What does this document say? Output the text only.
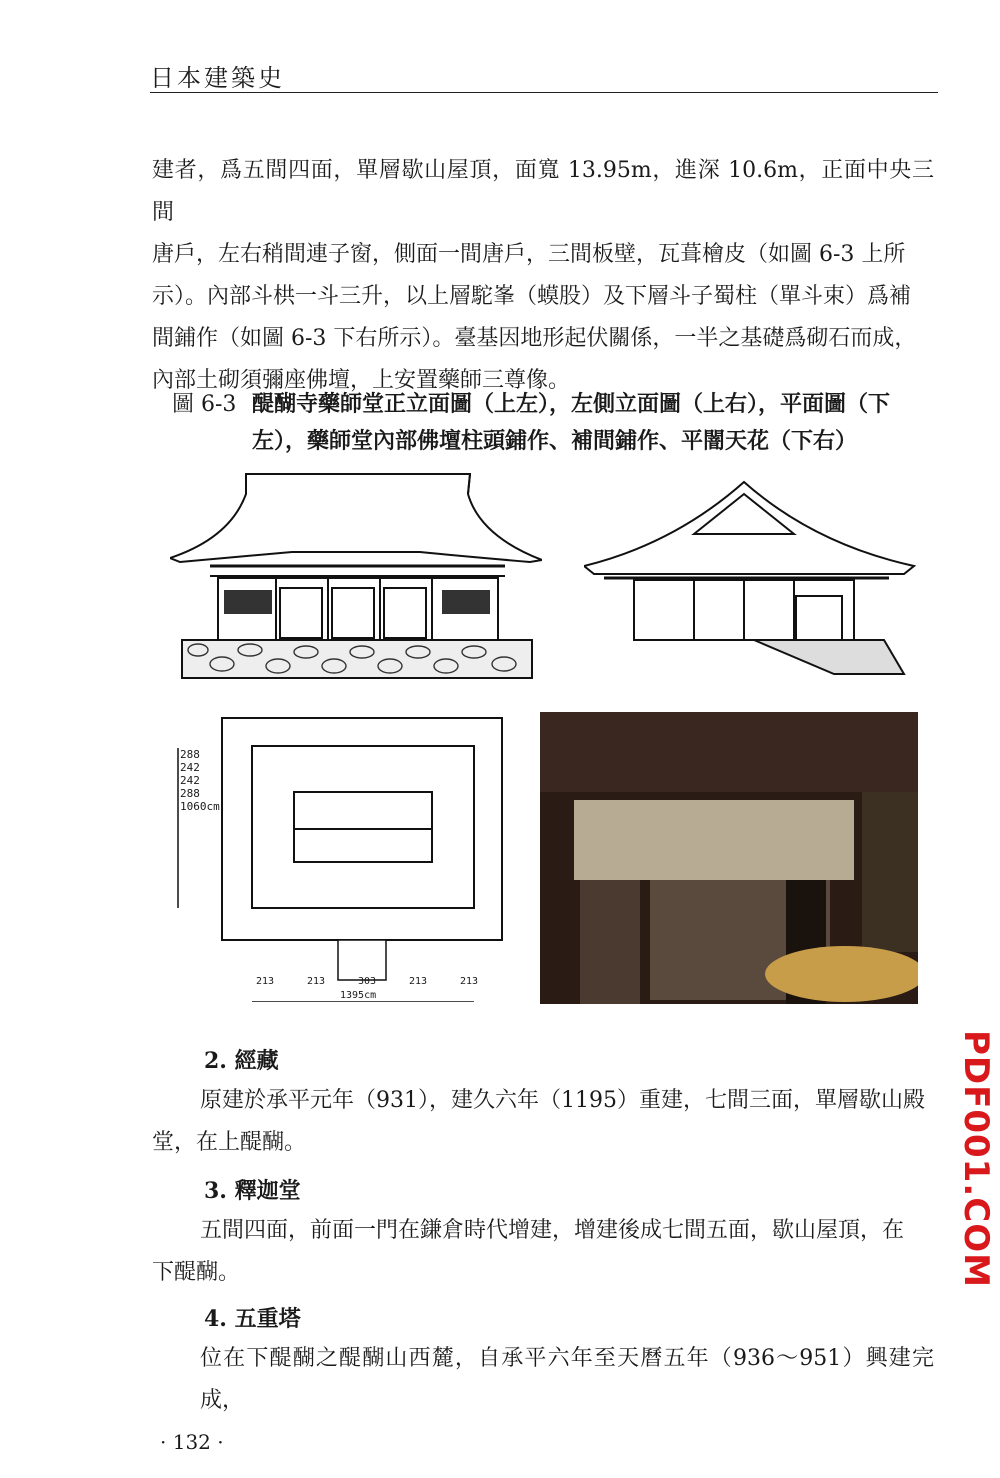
日本建築史
建者，爲五間四面，單層歇山屋頂，面寬 13.95m，進深 10.6m，正面中央三間
唐戶，左右稍間連子窗，側面一間唐戶，三間板壁，瓦葺檜皮（如圖 6-3 上所
示）。內部斗栱一斗三升，以上層駝峯（蟆股）及下層斗子蜀柱（單斗束）爲補
間鋪作（如圖 6-3 下右所示）。臺基因地形起伏關係，一半之基礎爲砌石而成，
內部土砌須彌座佛壇，上安置藥師三尊像。
圖 6-3 醍醐寺藥師堂正立面圖（上左），左側立面圖（上右），平面圖（下
左），藥師堂內部佛壇柱頭鋪作、補間鋪作、平闇天花（下右）
288
242
242
288
1060cm
213	213	303	213	213
1395cm
2. 經藏
原建於承平元年（931），建久六年（1195）重建，七間三面，單層歇山殿
堂，在上醍醐。
3. 釋迦堂
五間四面，前面一門在鎌倉時代增建，增建後成七間五面，歇山屋頂，在
下醍醐。
4. 五重塔
位在下醍醐之醍醐山西麓，自承平六年至天曆五年（936～951）興建完成，
PDF001.COM
· 132 ·
